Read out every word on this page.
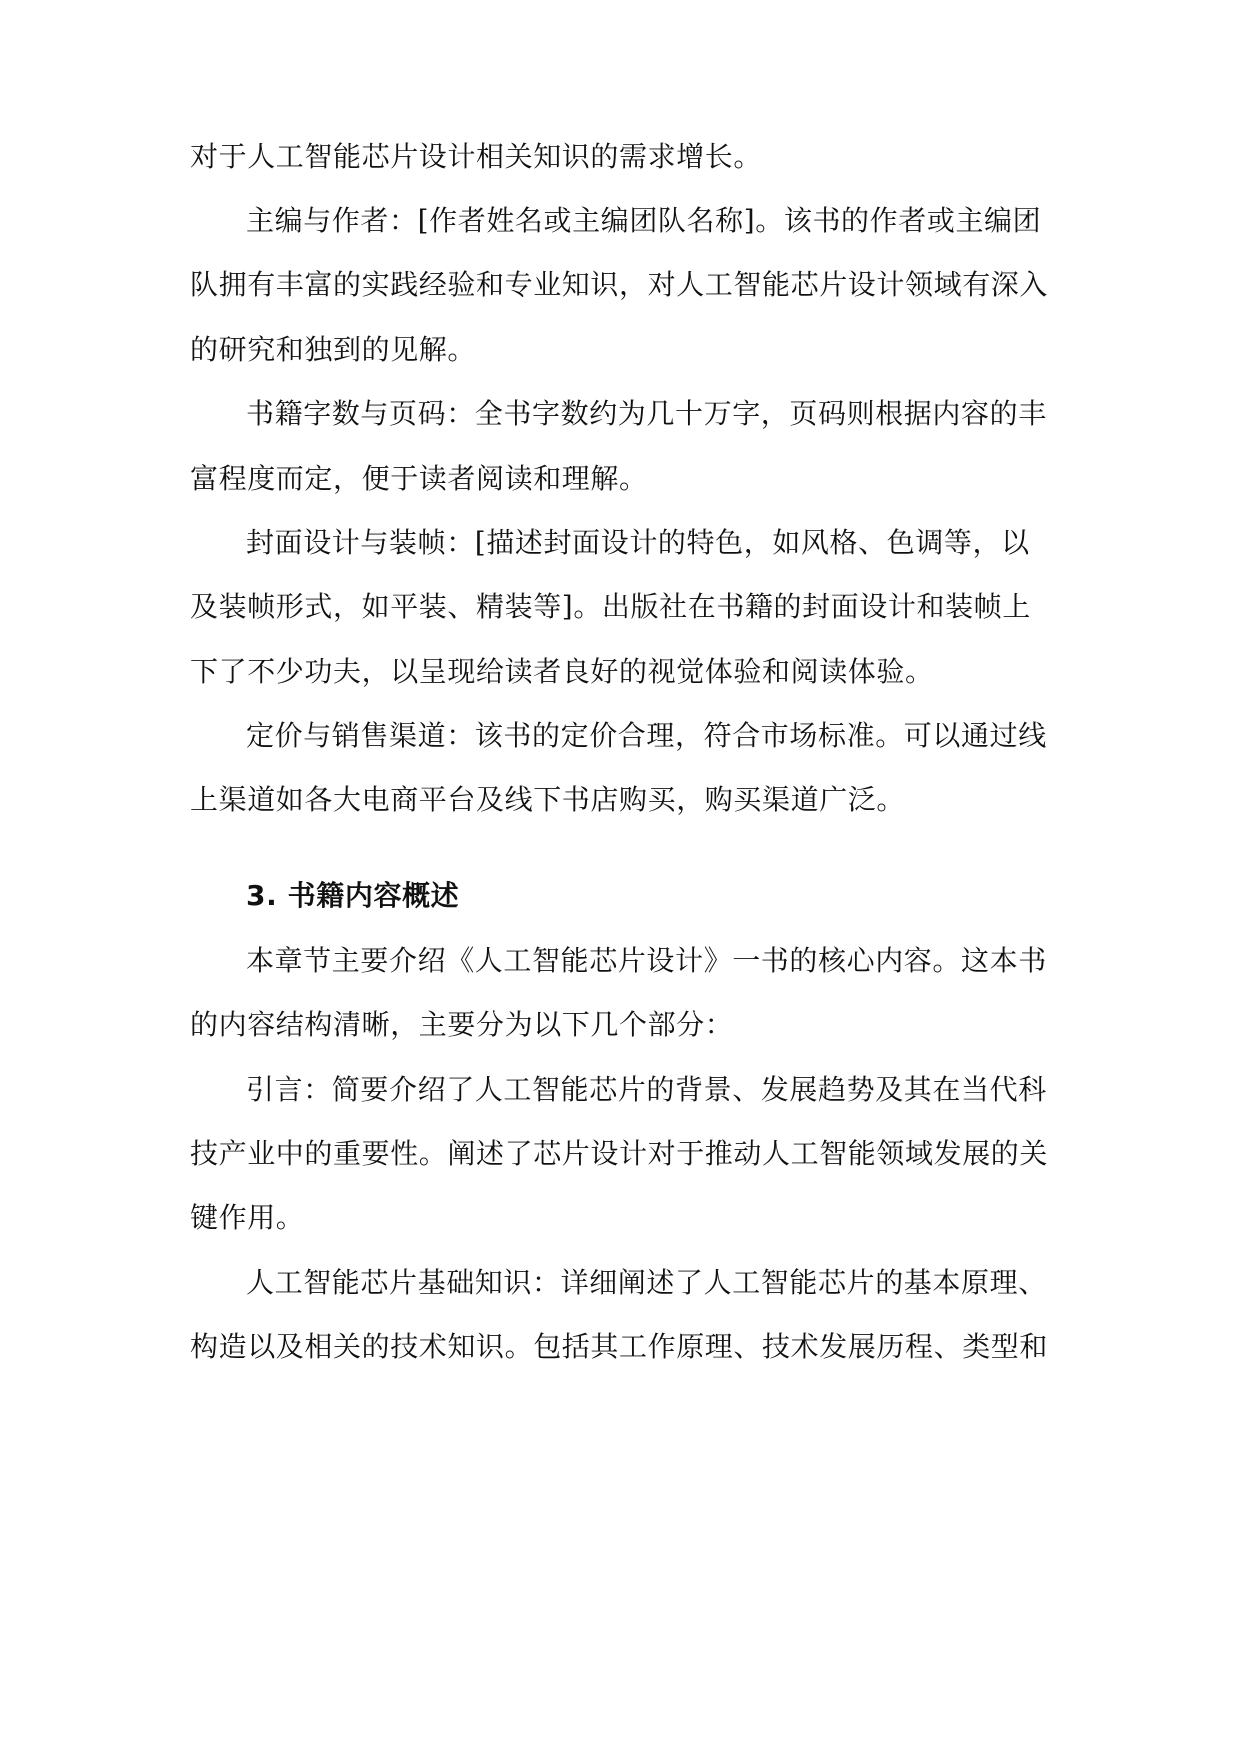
对于人工智能芯片设计相关知识的需求增长。
主编与作者：[作者姓名或主编团队名称]。该书的作者或主编团
队拥有丰富的实践经验和专业知识，对人工智能芯片设计领域有深入
的研究和独到的见解。
书籍字数与页码：全书字数约为几十万字，页码则根据内容的丰
富程度而定，便于读者阅读和理解。
封面设计与装帧：[描述封面设计的特色，如风格、色调等，以
及装帧形式，如平装、精装等]。出版社在书籍的封面设计和装帧上
下了不少功夫，以呈现给读者良好的视觉体验和阅读体验。
定价与销售渠道：该书的定价合理，符合市场标准。可以通过线
上渠道如各大电商平台及线下书店购买，购买渠道广泛。
3. 书籍内容概述
本章节主要介绍《人工智能芯片设计》一书的核心内容。这本书
的内容结构清晰，主要分为以下几个部分：
引言：简要介绍了人工智能芯片的背景、发展趋势及其在当代科
技产业中的重要性。阐述了芯片设计对于推动人工智能领域发展的关
键作用。
人工智能芯片基础知识：详细阐述了人工智能芯片的基本原理、
构造以及相关的技术知识。包括其工作原理、技术发展历程、类型和
